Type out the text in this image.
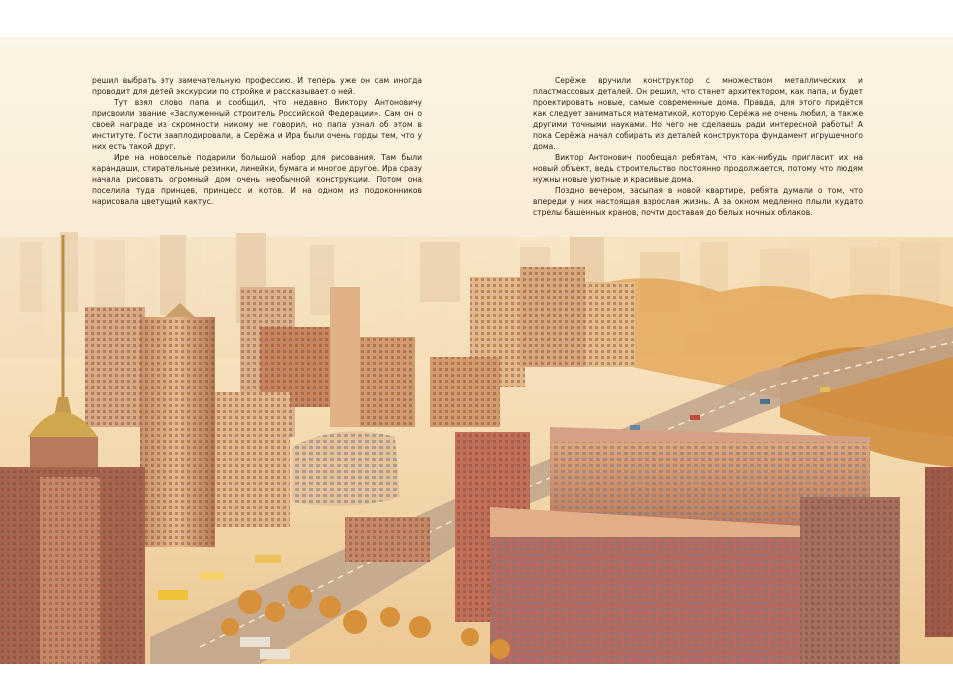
решил выбрать эту замечательную профессию. И теперь уже он сам иногда проводит для детей экскурсии по стройке и рассказывает о ней.

Тут взял слово папа и сообщил, что недавно Виктору Антоновичу присвоили звание «Заслуженный строитель Российской Федерации». Сам он о своей награде из скромности никому не говорил, но папа узнал об этом в институте. Гости зааплодировали, а Серёжа и Ира были очень горды тем, что у них есть такой друг.

Ире на новоселье подарили большой набор для рисования. Там были карандаши, стирательные резинки, линейки, бумага и многое другое. Ира сразу начала рисовать огромный дом очень необычной конструкции. Потом она поселила туда принцев, принцесс и котов. И на одном из подоконников нарисовала цветущий кактус.

Серёже вручили конструктор с множеством металлических и пластмассовых деталей. Он решил, что станет архитектором, как папа, и будет проектировать новые, самые современные дома. Правда, для этого придётся как следует заниматься математикой, которую Серёжа не очень любил, а также другими точными науками. Но чего не сделаешь ради интересной работы! А пока Серёжа начал собирать из деталей конструктора фундамент игрушечного дома.

Виктор Антонович пообещал ребятам, что как-нибудь пригласит их на новый объект, ведь строительство постоянно продолжается, потому что людям нужны новые уютные и красивые дома.

Поздно вечером, засыпая в новой квартире, ребята думали о том, что впереди у них настоящая взрослая жизнь. А за окном медленно плыли кудато стрелы башенных кранов, почти доставая до белых ночных облаков.
